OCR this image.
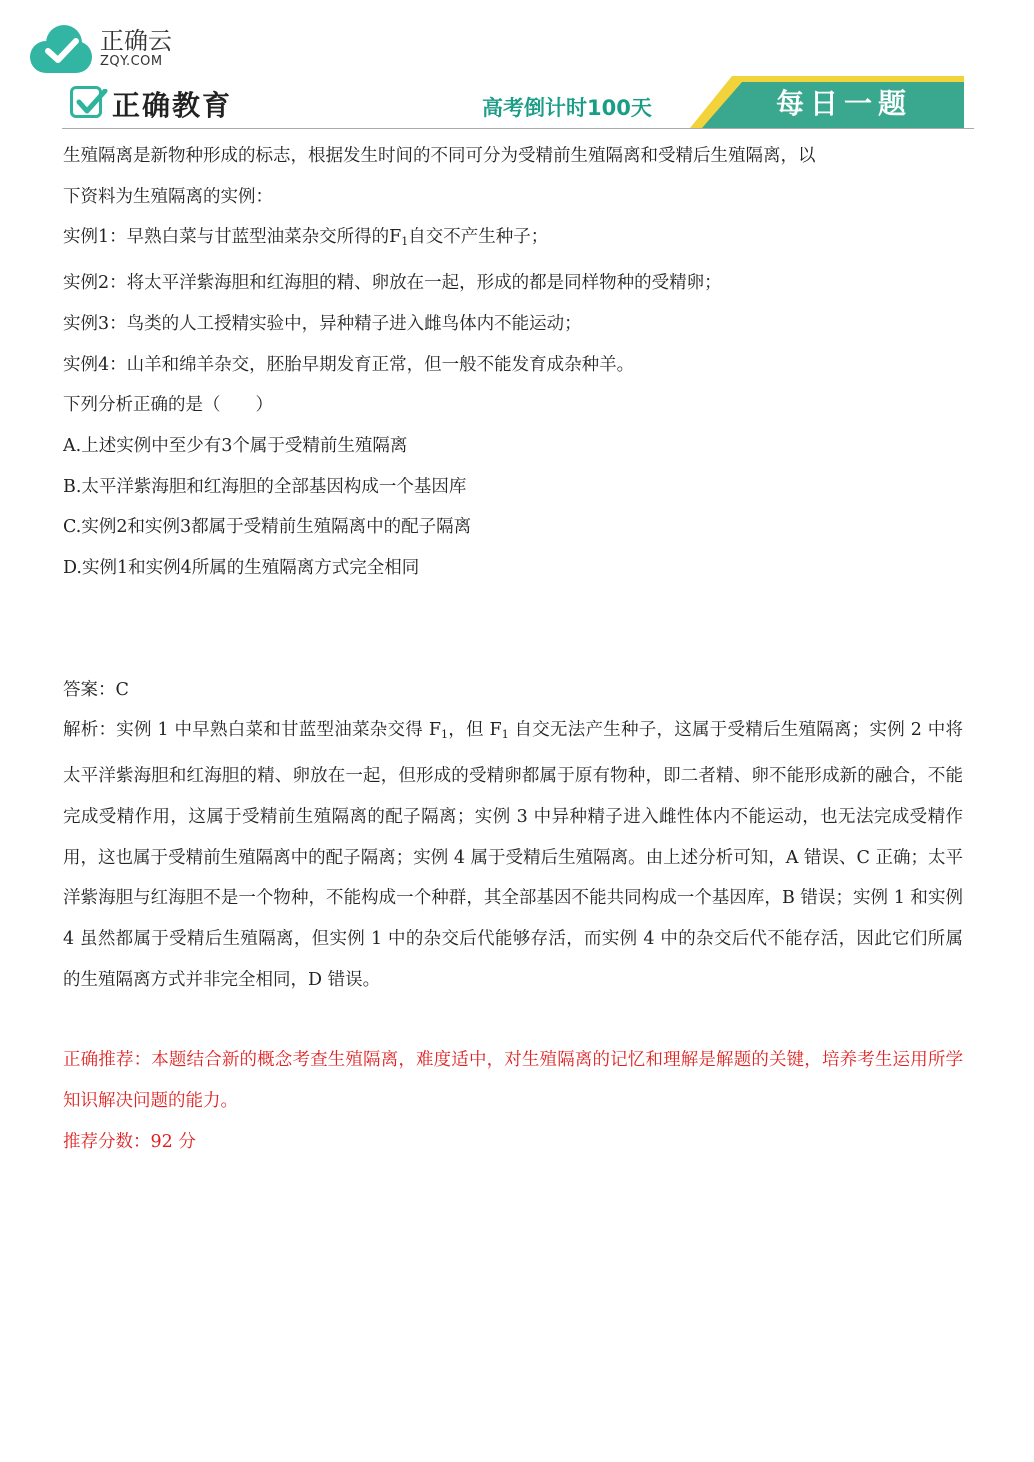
正确云
ZQY.COM
正确教育	高考倒计时100天	每日一题
生殖隔离是新物种形成的标志，根据发生时间的不同可分为受精前生殖隔离和受精后生殖隔离，以
下资料为生殖隔离的实例：
实例1：早熟白菜与甘蓝型油菜杂交所得的$F_1$自交不产生种子；
实例2：将太平洋紫海胆和红海胆的精、卵放在一起，形成的都是同样物种的受精卵；
实例3：鸟类的人工授精实验中，异种精子进入雌鸟体内不能运动；
实例4：山羊和绵羊杂交，胚胎早期发育正常，但一般不能发育成杂种羊。
下列分析正确的是（　　）
A.上述实例中至少有3个属于受精前生殖隔离
B.太平洋紫海胆和红海胆的全部基因构成一个基因库
C.实例2和实例3都属于受精前生殖隔离中的配子隔离
D.实例1和实例4所属的生殖隔离方式完全相同
答案：C
解析：实例 1 中早熟白菜和甘蓝型油菜杂交得 $F_1$，但 $F_1$ 自交无法产生种子，这属于受精后生殖隔离；实例 2 中将太平洋紫海胆和红海胆的精、卵放在一起，但形成的受精卵都属于原有物种，即二者精、卵不能形成新的融合，不能完成受精作用，这属于受精前生殖隔离的配子隔离；实例 3 中异种精子进入雌性体内不能运动，也无法完成受精作用，这也属于受精前生殖隔离中的配子隔离；实例 4 属于受精后生殖隔离。由上述分析可知，A 错误、C 正确；太平洋紫海胆与红海胆不是一个物种，不能构成一个种群，其全部基因不能共同构成一个基因库，B 错误；实例 1 和实例 4 虽然都属于受精后生殖隔离，但实例 1 中的杂交后代能够存活，而实例 4 中的杂交后代不能存活，因此它们所属的生殖隔离方式并非完全相同，D 错误。
正确推荐：本题结合新的概念考查生殖隔离，难度适中，对生殖隔离的记忆和理解是解题的关键，培养考生运用所学知识解决问题的能力。
推荐分数：92 分
